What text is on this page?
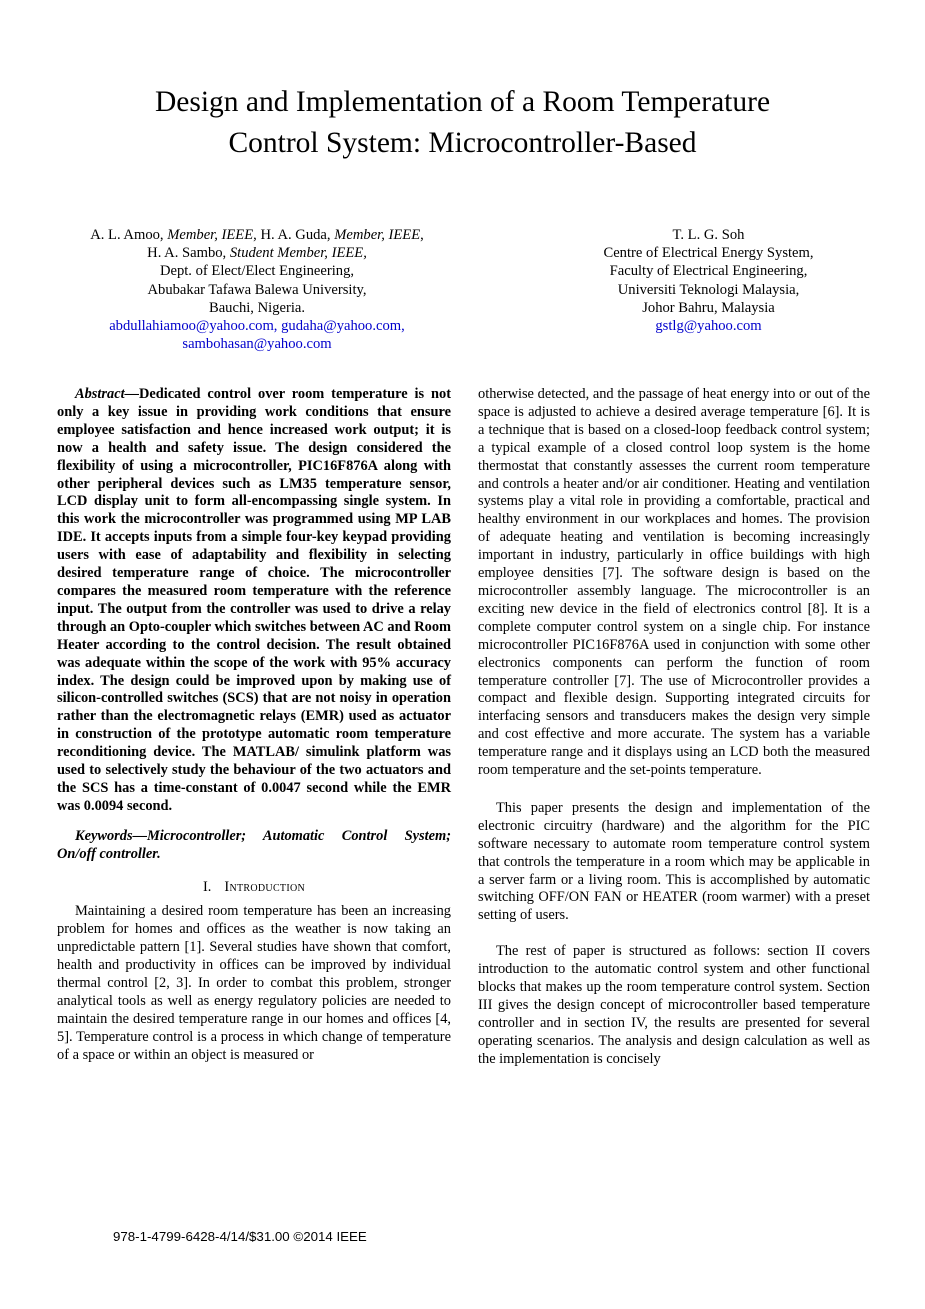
Design and Implementation of a Room Temperature
Control System: Microcontroller-Based
A. L. Amoo, Member, IEEE, H. A. Guda, Member, IEEE,
H. A. Sambo, Student Member, IEEE,
Dept. of Elect/Elect Engineering,
Abubakar Tafawa Balewa University,
Bauchi, Nigeria.
abdullahiamoo@yahoo.com, gudaha@yahoo.com,
sambohasan@yahoo.com
T. L. G. Soh
Centre of Electrical Energy System,
Faculty of Electrical Engineering,
Universiti Teknologi Malaysia,
Johor Bahru, Malaysia
gstlg@yahoo.com

Abstract—Dedicated control over room temperature is not only a key issue in providing work conditions that ensure employee satisfaction and hence increased work output; it is now a health and safety issue. The design considered the flexibility of using a microcontroller, PIC16F876A along with other peripheral devices such as LM35 temperature sensor, LCD display unit to form all-encompassing single system. In this work the microcontroller was programmed using MP LAB IDE. It accepts inputs from a simple four-key keypad providing users with ease of adaptability and flexibility in selecting desired temperature range of choice. The microcontroller compares the measured room temperature with the reference input. The output from the controller was used to drive a relay through an Opto-coupler which switches between AC and Room Heater according to the control decision. The result obtained was adequate within the scope of the work with 95% accuracy index. The design could be improved upon by making use of silicon-controlled switches (SCS) that are not noisy in operation rather than the electromagnetic relays (EMR) used as actuator in construction of the prototype automatic room temperature reconditioning device. The MATLAB/ simulink platform was used to selectively study the behaviour of the two actuators and the SCS has a time-constant of 0.0047 second while the EMR was 0.0094 second.

Keywords—Microcontroller; Automatic Control System; On/off controller.

I. Introduction

Maintaining a desired room temperature has been an increasing problem for homes and offices as the weather is now taking an unpredictable pattern [1]. Several studies have shown that comfort, health and productivity in offices can be improved by individual thermal control [2, 3]. In order to combat this problem, stronger analytical tools as well as energy regulatory policies are needed to maintain the desired temperature range in our homes and offices [4, 5]. Temperature control is a process in which change of temperature of a space or within an object is measured or

otherwise detected, and the passage of heat energy into or out of the space is adjusted to achieve a desired average temperature [6]. It is a technique that is based on a closed-loop feedback control system; a typical example of a closed control loop system is the home thermostat that constantly assesses the current room temperature and controls a heater and/or air conditioner. Heating and ventilation systems play a vital role in providing a comfortable, practical and healthy environment in our workplaces and homes. The provision of adequate heating and ventilation is becoming increasingly important in industry, particularly in office buildings with high employee densities [7]. The software design is based on the microcontroller assembly language. The microcontroller is an exciting new device in the field of electronics control [8]. It is a complete computer control system on a single chip. For instance microcontroller PIC16F876A used in conjunction with some other electronics components can perform the function of room temperature controller [7]. The use of Microcontroller provides a compact and flexible design. Supporting integrated circuits for interfacing sensors and transducers makes the design very simple and cost effective and more accurate. The system has a variable temperature range and it displays using an LCD both the measured room temperature and the set-points temperature.

This paper presents the design and implementation of the electronic circuitry (hardware) and the algorithm for the PIC software necessary to automate room temperature control system that controls the temperature in a room which may be applicable in a server farm or a living room. This is accomplished by automatic switching OFF/ON FAN or HEATER (room warmer) with a preset setting of users.

The rest of paper is structured as follows: section II covers introduction to the automatic control system and other functional blocks that makes up the room temperature control system. Section III gives the design concept of microcontroller based temperature controller and in section IV, the results are presented for several operating scenarios. The analysis and design calculation as well as the implementation is concisely

978-1-4799-6428-4/14/$31.00 ©2014 IEEE
